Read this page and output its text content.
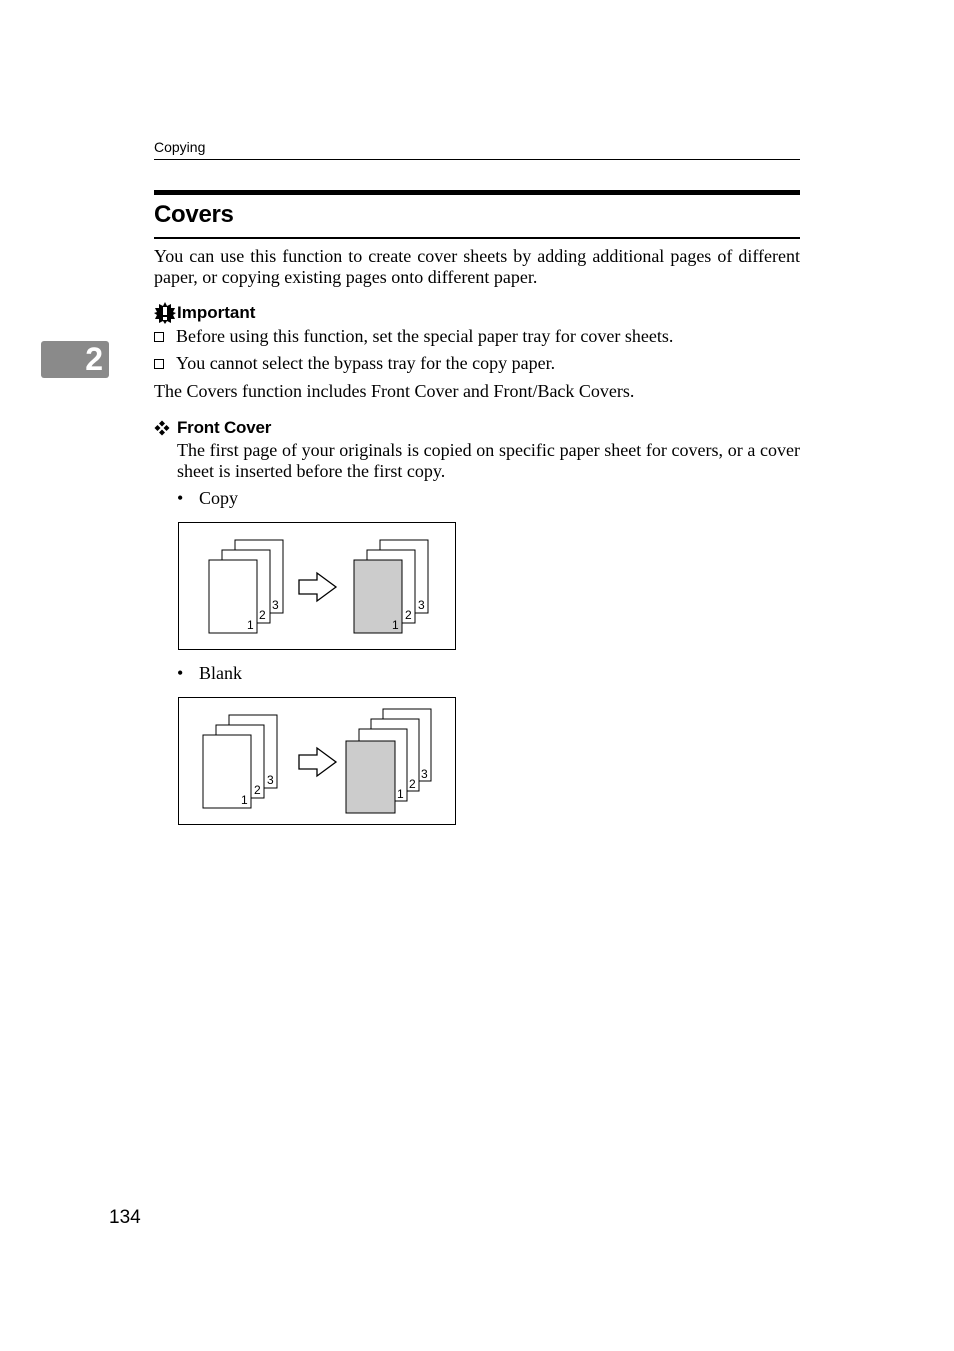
Copying
Covers
2
You can use this function to create cover sheets by adding additional pages of different paper, or copying existing pages onto different paper.
Important
Before using this function, set the special paper tray for cover sheets.
You cannot select the bypass tray for the copy paper.
The Covers function includes Front Cover and Front/Back Covers.
Front Cover
The first page of your originals is copied on specific paper sheet for covers, or a cover sheet is inserted before the first copy.
• Copy
3
2
1
3
2
1
• Blank
3
2
1
3
2
1
134
